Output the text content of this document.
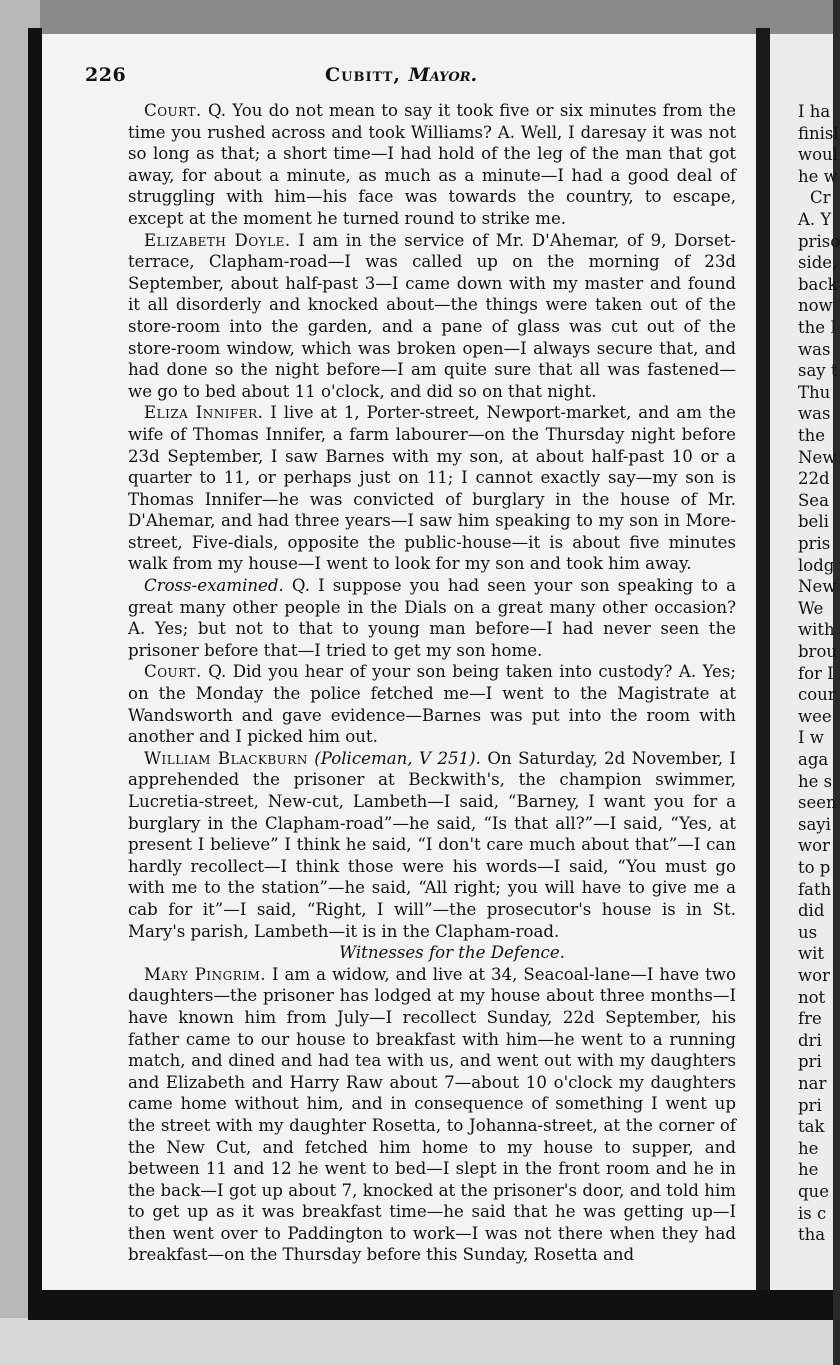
I ha
finisl
woul
he w
Cr
A. Y
priso
side,
back
now
the I
was
say t
Thu
was
the
New
22d
Sea
beli
pris
lodg
New
We
with
brou
for I
cour
wee
I w
aga
he s
seen
sayi
wor
to p
fath
did
us
wit
wor
not
fre
dri
pri
nar
pri
tak
he
he
que
is c
tha
226	Cubitt, Mayor.

Court. Q. You do not mean to say it took five or six minutes from the time you rushed across and took Williams? A. Well, I daresay it was not so long as that; a short time—I had hold of the leg of the man that got away, for about a minute, as much as a minute—I had a good deal of struggling with him—his face was towards the country, to escape, except at the moment he turned round to strike me.

Elizabeth Doyle. I am in the service of Mr. D'Ahemar, of 9, Dorset-terrace, Clapham-road—I was called up on the morning of 23d September, about half-past 3—I came down with my master and found it all disorderly and knocked about—the things were taken out of the store-room into the garden, and a pane of glass was cut out of the store-room window, which was broken open—I always secure that, and had done so the night before—I am quite sure that all was fastened—we go to bed about 11 o'clock, and did so on that night.

Eliza Innifer. I live at 1, Porter-street, Newport-market, and am the wife of Thomas Innifer, a farm labourer—on the Thursday night before 23d September, I saw Barnes with my son, at about half-past 10 or a quarter to 11, or perhaps just on 11; I cannot exactly say—my son is Thomas Innifer—he was convicted of burglary in the house of Mr. D'Ahemar, and had three years—I saw him speaking to my son in More-street, Five-dials, opposite the public-house—it is about five minutes walk from my house—I went to look for my son and took him away.

Cross-examined. Q. I suppose you had seen your son speaking to a great many other people in the Dials on a great many other occasion? A. Yes; but not to that to young man before—I had never seen the prisoner before that—I tried to get my son home.

Court. Q. Did you hear of your son being taken into custody? A. Yes; on the Monday the police fetched me—I went to the Magistrate at Wandsworth and gave evidence—Barnes was put into the room with another and I picked him out.

William Blackburn (Policeman, V 251). On Saturday, 2d November, I apprehended the prisoner at Beckwith's, the champion swimmer, Lucretia-street, New-cut, Lambeth—I said, “Barney, I want you for a burglary in the Clapham-road”—he said, “Is that all?”—I said, “Yes, at present I believe” I think he said, “I don't care much about that”—I can hardly recollect—I think those were his words—I said, “You must go with me to the station”—he said, “All right; you will have to give me a cab for it”—I said, “Right, I will”—the prosecutor's house is in St. Mary's parish, Lambeth—it is in the Clapham-road.

Witnesses for the Defence.

Mary Pingrim. I am a widow, and live at 34, Seacoal-lane—I have two daughters—the prisoner has lodged at my house about three months—I have known him from July—I recollect Sunday, 22d September, his father came to our house to breakfast with him—he went to a running match, and dined and had tea with us, and went out with my daughters and Elizabeth and Harry Raw about 7—about 10 o'clock my daughters came home without him, and in consequence of something I went up the street with my daughter Rosetta, to Johanna-street, at the corner of the New Cut, and fetched him home to my house to supper, and between 11 and 12 he went to bed—I slept in the front room and he in the back—I got up about 7, knocked at the prisoner's door, and told him to get up as it was breakfast time—he said that he was getting up—I then went over to Paddington to work—I was not there when they had breakfast—on the Thursday before this Sunday, Rosetta and
